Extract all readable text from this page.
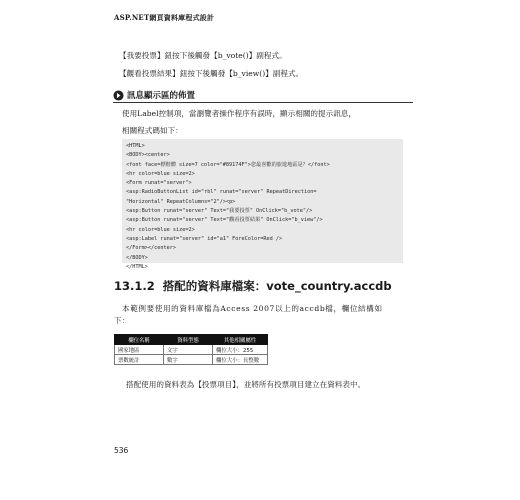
ASP.NET網頁資料庫程式設計
【我要投票】鈕按下後觸發【b_vote()】副程式。
【觀看投票結果】鈕按下後觸發【b_view()】副程式。
訊息顯示區的佈置
使用Label控制項，當瀏覽者操作程序有誤時，顯示相關的提示訊息，
相關程式碼如下：
<HTML>
<BODY><center>
<font face=標楷體 size=7 color="#89174F">您最喜歡的旅遊地區是？</font>
<hr color=blue size=2>
<Form runat="server">
<asp:RadioButtonList id="rbl" runat="server" RepeatDirection=
"Horizontal" RepeatColumns="2"/><p>
<asp:Button runat="server" Text="我要投票" OnClick="b_vote"/>
<asp:Button runat="server" Text="觀看投票結果" OnClick="b_view"/>
<hr color=blue size=2>
<asp:Label runat="server" id="a1" ForeColor=Red />
</Form></center>
</BODY>
</HTML>
13.1.2 搭配的資料庫檔案：vote_country.accdb
本範例要使用的資料庫檔為Access 2007以上的accdb檔，欄位結構如
下：
欄位名稱	資料型態	其他相關屬性
國家地區	文字	欄位大小：255
票數統計	數字	欄位大小：長整數
搭配使用的資料表為【投票項目】，並將所有投票項目建立在資料表中。
536
